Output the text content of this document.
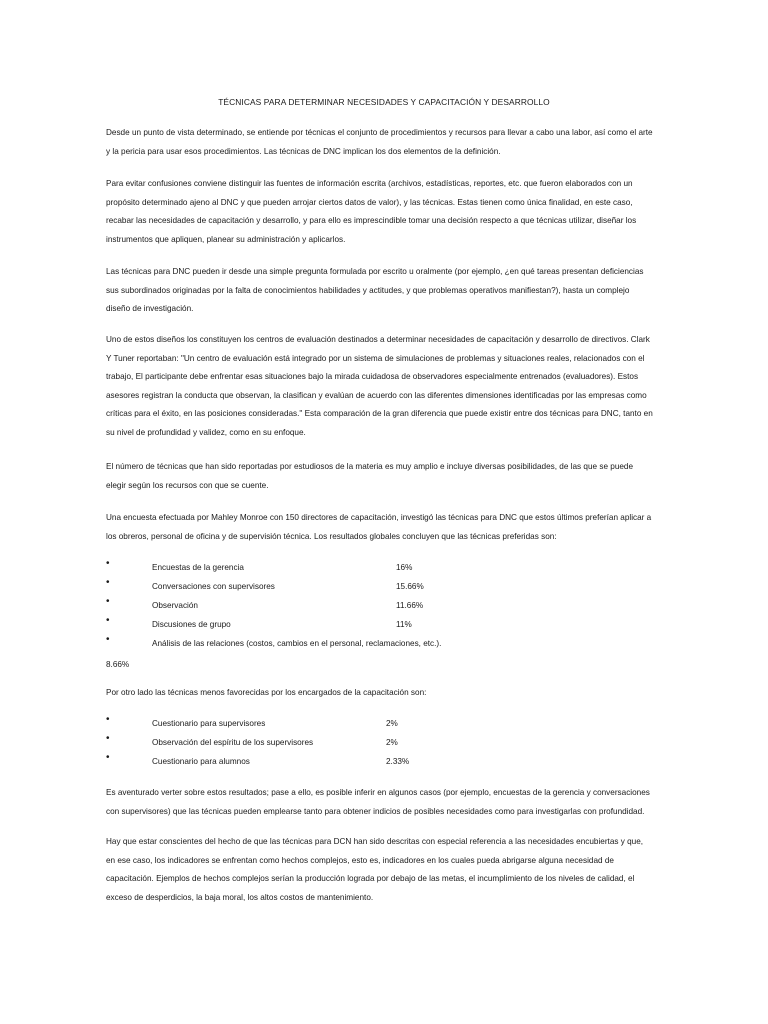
TÉCNICAS PARA DETERMINAR NECESIDADES Y CAPACITACIÓN Y DESARROLLO

Desde un punto de vista determinado, se entiende por técnicas el conjunto de procedimientos y recursos para llevar a cabo una labor, así como el arte y la pericia para usar esos procedimientos. Las técnicas de DNC implican los dos elementos de la definición.

Para evitar confusiones conviene distinguir las fuentes de información escrita (archivos, estadísticas, reportes, etc. que fueron elaborados con un propósito determinado ajeno al DNC y que pueden arrojar ciertos datos de valor), y las técnicas. Estas tienen como única finalidad, en este caso, recabar las necesidades de capacitación y desarrollo, y para ello es imprescindible tomar una decisión respecto a que técnicas utilizar, diseñar los instrumentos que apliquen, planear su administración y aplicarlos.

Las técnicas para DNC pueden ir desde una simple pregunta formulada por escrito u oralmente (por ejemplo, ¿en qué tareas presentan deficiencias sus subordinados originadas por la falta de conocimientos habilidades y actitudes, y que problemas operativos manifiestan?), hasta un complejo diseño de investigación.

Uno de estos diseños los constituyen los centros de evaluación destinados a determinar necesidades de capacitación y desarrollo de directivos. Clark Y Tuner reportaban: "Un centro de evaluación está integrado por un sistema de simulaciones de problemas y situaciones reales, relacionados con el trabajo, El participante debe enfrentar esas situaciones bajo la mirada cuidadosa de observadores especialmente entrenados (evaluadores). Estos asesores registran la conducta que observan, la clasifican y evalúan de acuerdo con las diferentes dimensiones identificadas por las empresas como críticas para el éxito, en las posiciones consideradas." Esta comparación de la gran diferencia que puede existir entre dos técnicas para DNC, tanto en su nivel de profundidad y validez, como en su enfoque.

El número de técnicas que han sido reportadas por estudiosos de la materia es muy amplio e incluye diversas posibilidades, de las que se puede elegir según los recursos con que se cuente.

Una encuesta efectuada por Mahley Monroe con 150 directores de capacitación, investigó las técnicas para DNC que estos últimos preferían aplicar a los obreros, personal de oficina y de supervisión técnica. Los resultados globales concluyen que las técnicas preferidas son:

•	Encuestas de la gerencia	16%
•	Conversaciones con supervisores	15.66%
•	Observación	11.66%
•	Discusiones de grupo	11%
•	Análisis de las relaciones (costos, cambios en el personal, reclamaciones, etc.).
8.66%

Por otro lado las técnicas menos favorecidas por los encargados de la capacitación son:

•	Cuestionario para supervisores	2%
•	Observación del espíritu de los supervisores	2%
•	Cuestionario para alumnos	2.33%

Es aventurado verter sobre estos resultados; pase a ello, es posible inferir en algunos casos (por ejemplo, encuestas de la gerencia y conversaciones con supervisores) que las técnicas pueden emplearse tanto para obtener indicios de posibles necesidades como para investigarlas con profundidad.

Hay que estar conscientes del hecho de que las técnicas para DCN han sido descritas con especial referencia a las necesidades encubiertas y que, en ese caso, los indicadores se enfrentan como hechos complejos, esto es, indicadores en los cuales pueda abrigarse alguna necesidad de capacitación. Ejemplos de hechos complejos serían la producción lograda por debajo de las metas, el incumplimiento de los niveles de calidad, el exceso de desperdicios, la baja moral, los altos costos de mantenimiento.
